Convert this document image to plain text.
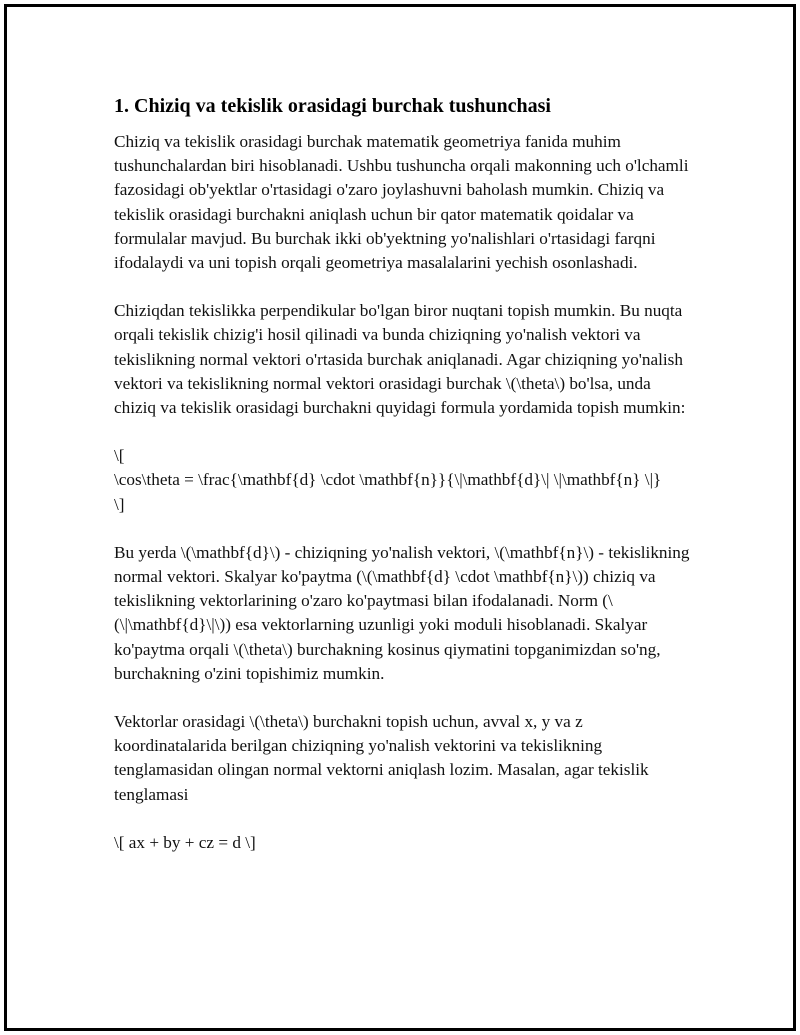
1. Chiziq va tekislik orasidagi burchak tushunchasi

Chiziq va tekislik orasidagi burchak matematik geometriya fanida muhim tushunchalardan biri hisoblanadi. Ushbu tushuncha orqali makonning uch o'lchamli fazosidagi ob'yektlar o'rtasidagi o'zaro joylashuvni baholash mumkin. Chiziq va tekislik orasidagi burchakni aniqlash uchun bir qator matematik qoidalar va formulalar mavjud. Bu burchak ikki ob'yektning yo'nalishlari o'rtasidagi farqni ifodalaydi va uni topish orqali geometriya masalalarini yechish osonlashadi.

Chiziqdan tekislikka perpendikular bo'lgan biror nuqtani topish mumkin. Bu nuqta orqali tekislik chizig'i hosil qilinadi va bunda chiziqning yo'nalish vektori va tekislikning normal vektori o'rtasida burchak aniqlanadi. Agar chiziqning yo'nalish vektori va tekislikning normal vektori orasidagi burchak \(\theta\) bo'lsa, unda chiziq va tekislik orasidagi burchakni quyidagi formula yordamida topish mumkin:

\[
\cos\theta = \frac{\mathbf{d} \cdot \mathbf{n}}{\|\mathbf{d}\| \|\mathbf{n} \|}
\]

Bu yerda \(\mathbf{d}\) - chiziqning yo'nalish vektori, \(\mathbf{n}\) - tekislikning normal vektori. Skalyar ko'paytma (\(\mathbf{d} \cdot \mathbf{n}\)) chiziq va tekislikning vektorlarining o'zaro ko'paytmasi bilan ifodalanadi. Norm (\(\|\mathbf{d}\|\)) esa vektorlarning uzunligi yoki moduli hisoblanadi. Skalyar ko'paytma orqali \(\theta\) burchakning kosinus qiymatini topganimizdan so'ng, burchakning o'zini topishimiz mumkin.

Vektorlar orasidagi \(\theta\) burchakni topish uchun, avval x, y va z koordinatalarida berilgan chiziqning yo'nalish vektorini va tekislikning tenglamasidan olingan normal vektorni aniqlash lozim. Masalan, agar tekislik tenglamasi

\[ ax + by + cz = d \]
